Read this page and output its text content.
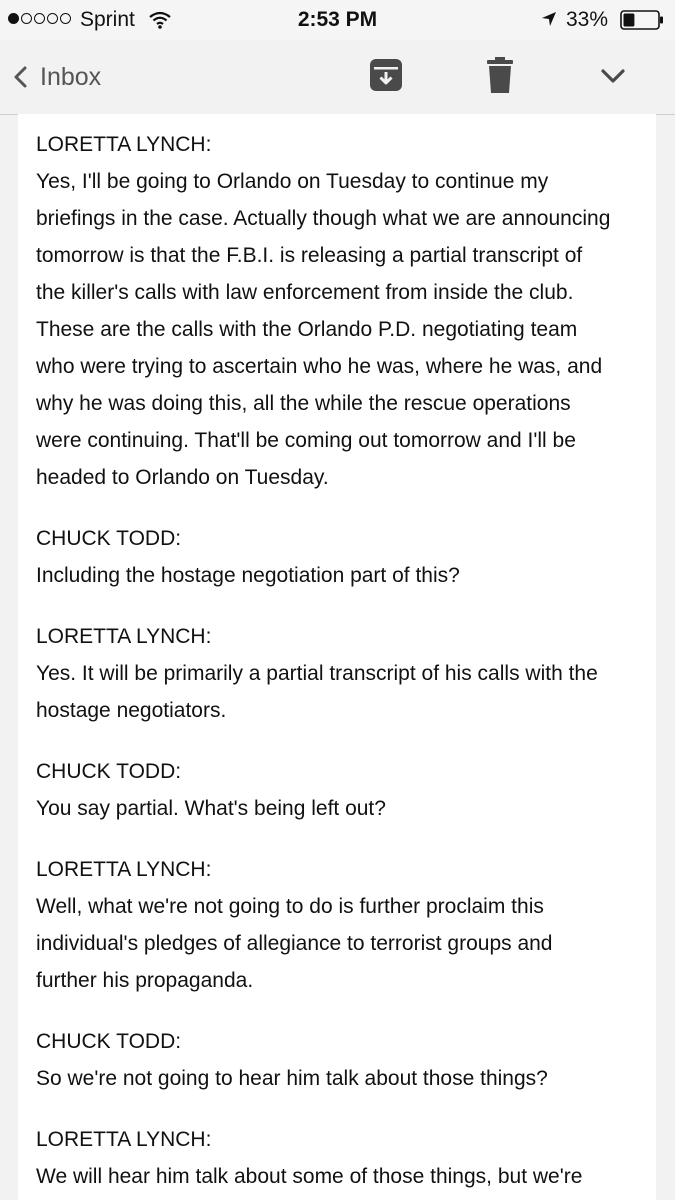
Sprint	2:53 PM	33%
Inbox
LORETTA LYNCH:
Yes, I'll be going to Orlando on Tuesday to continue my
briefings in the case. Actually though what we are announcing
tomorrow is that the F.B.I. is releasing a partial transcript of
the killer's calls with law enforcement from inside the club.
These are the calls with the Orlando P.D. negotiating team
who were trying to ascertain who he was, where he was, and
why he was doing this, all the while the rescue operations
were continuing. That'll be coming out tomorrow and I'll be
headed to Orlando on Tuesday.
CHUCK TODD:
Including the hostage negotiation part of this?
LORETTA LYNCH:
Yes. It will be primarily a partial transcript of his calls with the
hostage negotiators.
CHUCK TODD:
You say partial. What's being left out?
LORETTA LYNCH:
Well, what we're not going to do is further proclaim this
individual's pledges of allegiance to terrorist groups and
further his propaganda.
CHUCK TODD:
So we're not going to hear him talk about those things?
LORETTA LYNCH:
We will hear him talk about some of those things, but we're
